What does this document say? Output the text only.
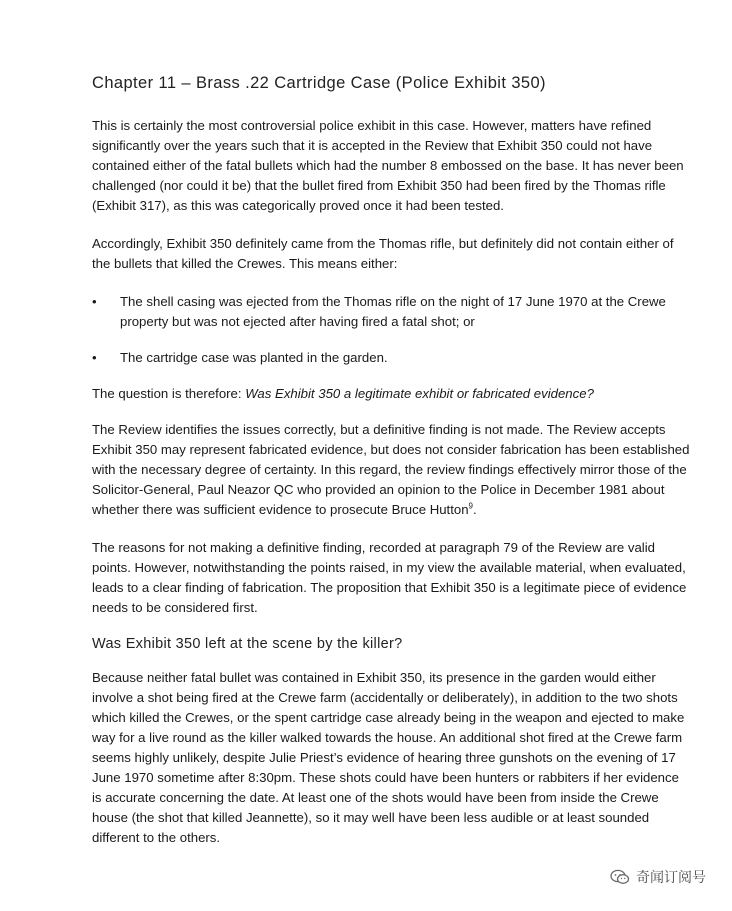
Chapter 11 – Brass .22 Cartridge Case (Police Exhibit 350)

This is certainly the most controversial police exhibit in this case. However, matters have refined significantly over the years such that it is accepted in the Review that Exhibit 350 could not have contained either of the fatal bullets which had the number 8 embossed on the base. It has never been challenged (nor could it be) that the bullet fired from Exhibit 350 had been fired by the Thomas rifle (Exhibit 317), as this was categorically proved once it had been tested.

Accordingly, Exhibit 350 definitely came from the Thomas rifle, but definitely did not contain either of the bullets that killed the Crewes. This means either:

• The shell casing was ejected from the Thomas rifle on the night of 17 June 1970 at the Crewe property but was not ejected after having fired a fatal shot; or
• The cartridge case was planted in the garden.

The question is therefore: Was Exhibit 350 a legitimate exhibit or fabricated evidence?

The Review identifies the issues correctly, but a definitive finding is not made. The Review accepts Exhibit 350 may represent fabricated evidence, but does not consider fabrication has been established with the necessary degree of certainty. In this regard, the review findings effectively mirror those of the Solicitor-General, Paul Neazor QC who provided an opinion to the Police in December 1981 about whether there was sufficient evidence to prosecute Bruce Hutton$^9$.

The reasons for not making a definitive finding, recorded at paragraph 79 of the Review are valid points. However, notwithstanding the points raised, in my view the available material, when evaluated, leads to a clear finding of fabrication. The proposition that Exhibit 350 is a legitimate piece of evidence needs to be considered first.

Was Exhibit 350 left at the scene by the killer?

Because neither fatal bullet was contained in Exhibit 350, its presence in the garden would either involve a shot being fired at the Crewe farm (accidentally or deliberately), in addition to the two shots which killed the Crewes, or the spent cartridge case already being in the weapon and ejected to make way for a live round as the killer walked towards the house. An additional shot fired at the Crewe farm seems highly unlikely, despite Julie Priest’s evidence of hearing three gunshots on the evening of 17 June 1970 sometime after 8:30pm. These shots could have been hunters or rabbiters if her evidence is accurate concerning the date. At least one of the shots would have been from inside the Crewe house (the shot that killed Jeannette), so it may well have been less audible or at least sounded different to the others.

奇闻订阅号
